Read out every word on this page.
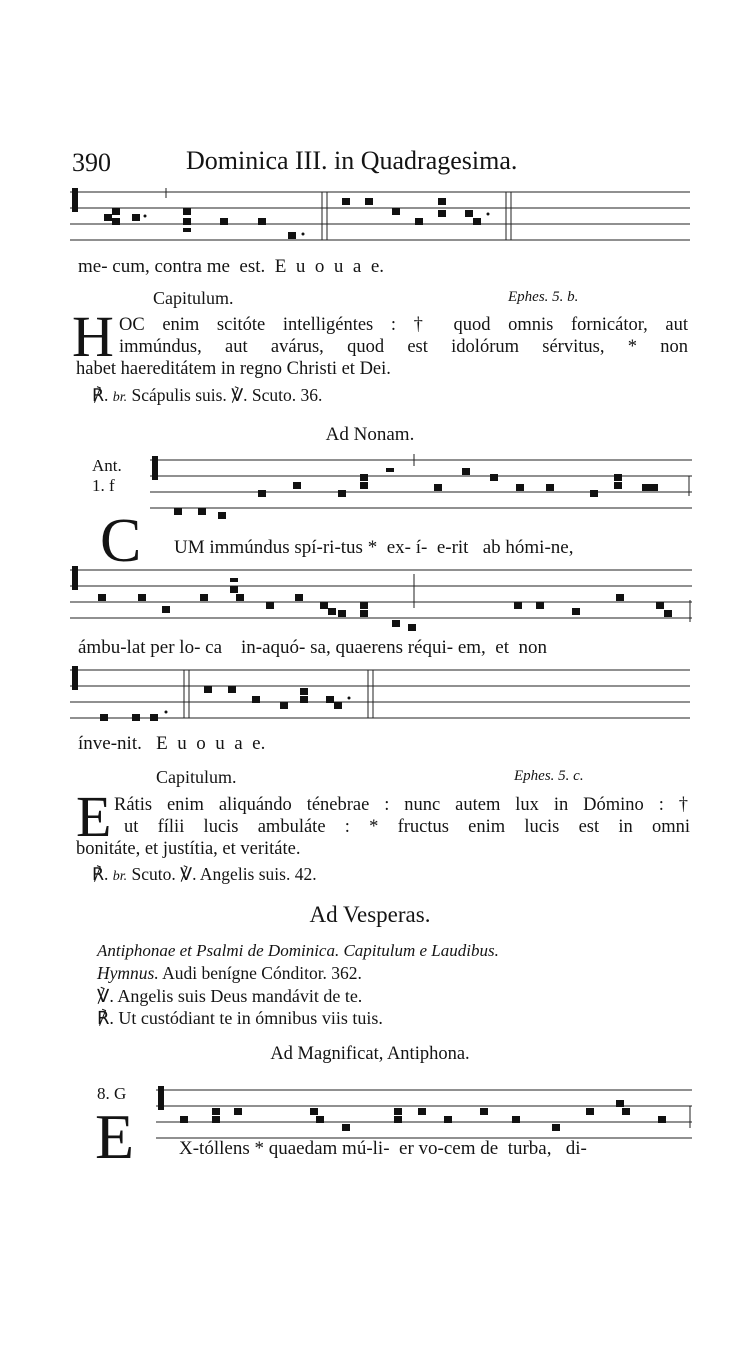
390	Dominica III. in Quadragesima.
me- cum, contra me  est.  E  u  o  u  a  e.
Capitulum.	Ephes. 5. b.
H OC enim scitóte intelligéntes : † quod omnis fornicátor, aut
immúndus, aut avárus, quod est idolórum sérvitus, * non
habet haereditátem in regno Christi et Dei.
℟. br. Scápulis suis. ℣. Scuto. 36.
Ad Nonam.
Ant.
1. f
C UM immúndus spí-ri-tus *  ex- í-  e-rit   ab hómi-ne,
ámbu-lat per lo- ca    in-aquó- sa, quaerens réqui- em,  et  non
ínve-nit.   E  u  o  u  a  e.
Capitulum.	Ephes. 5. c.
E Rátis enim aliquándo ténebrae : nunc autem lux in Dómino : †
ut fílii lucis ambuláte : * fructus enim lucis est in omni
bonitáte, et justítia, et veritáte.
℟. br. Scuto. ℣. Angelis suis. 42.
Ad Vesperas.
Antiphonae et Psalmi de Dominica. Capitulum e Laudibus.
Hymnus. Audi benígne Cónditor. 362.
℣. Angelis suis Deus mandávit de te.
℟. Ut custódiant te in ómnibus viis tuis.
Ad Magnificat, Antiphona.
8. G
E X-tóllens * quaedam mú-li-  er vo-cem de  turba,   di-
